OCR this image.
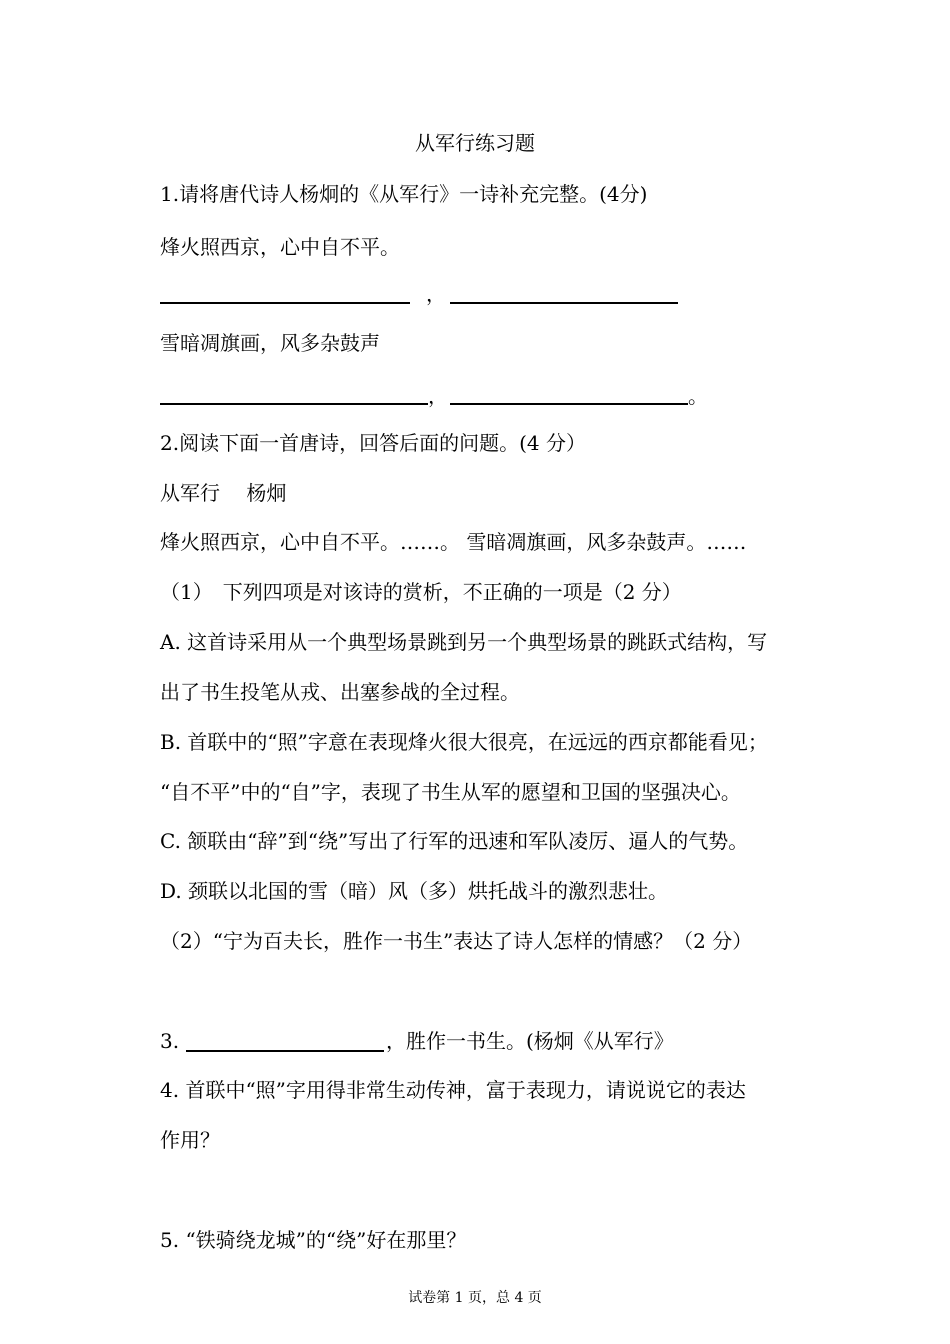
从军行练习题
1.请将唐代诗人杨炯的《从军行》一诗补充完整。(4分)
烽火照西京，心中自不平。
，
雪暗凋旗画，风多杂鼓声
，	。
2.阅读下面一首唐诗，回答后面的问题。(4 分）
从军行　 杨炯
烽火照西京，心中自不平。……。 雪暗凋旗画，风多杂鼓声。……
（1）　下列四项是对该诗的赏析，不正确的一项是（2 分）
A. 这首诗采用从一个典型场景跳到另一个典型场景的跳跃式结构，写
出了书生投笔从戎、出塞参战的全过程。
B. 首联中的“照”字意在表现烽火很大很亮，在远远的西京都能看见；
“自不平”中的“自”字，表现了书生从军的愿望和卫国的坚强决心。
C. 颔联由“辞”到“绕”写出了行军的迅速和军队凌厉、逼人的气势。
D. 颈联以北国的雪（暗）风（多）烘托战斗的激烈悲壮。
（2）“宁为百夫长，胜作一书生”表达了诗人怎样的情感？（2 分）
3.	，胜作一书生。(杨炯《从军行》
4. 首联中“照”字用得非常生动传神，富于表现力，请说说它的表达
作用？
5. “铁骑绕龙城”的“绕”好在那里？
试卷第 1 页，总 4 页
